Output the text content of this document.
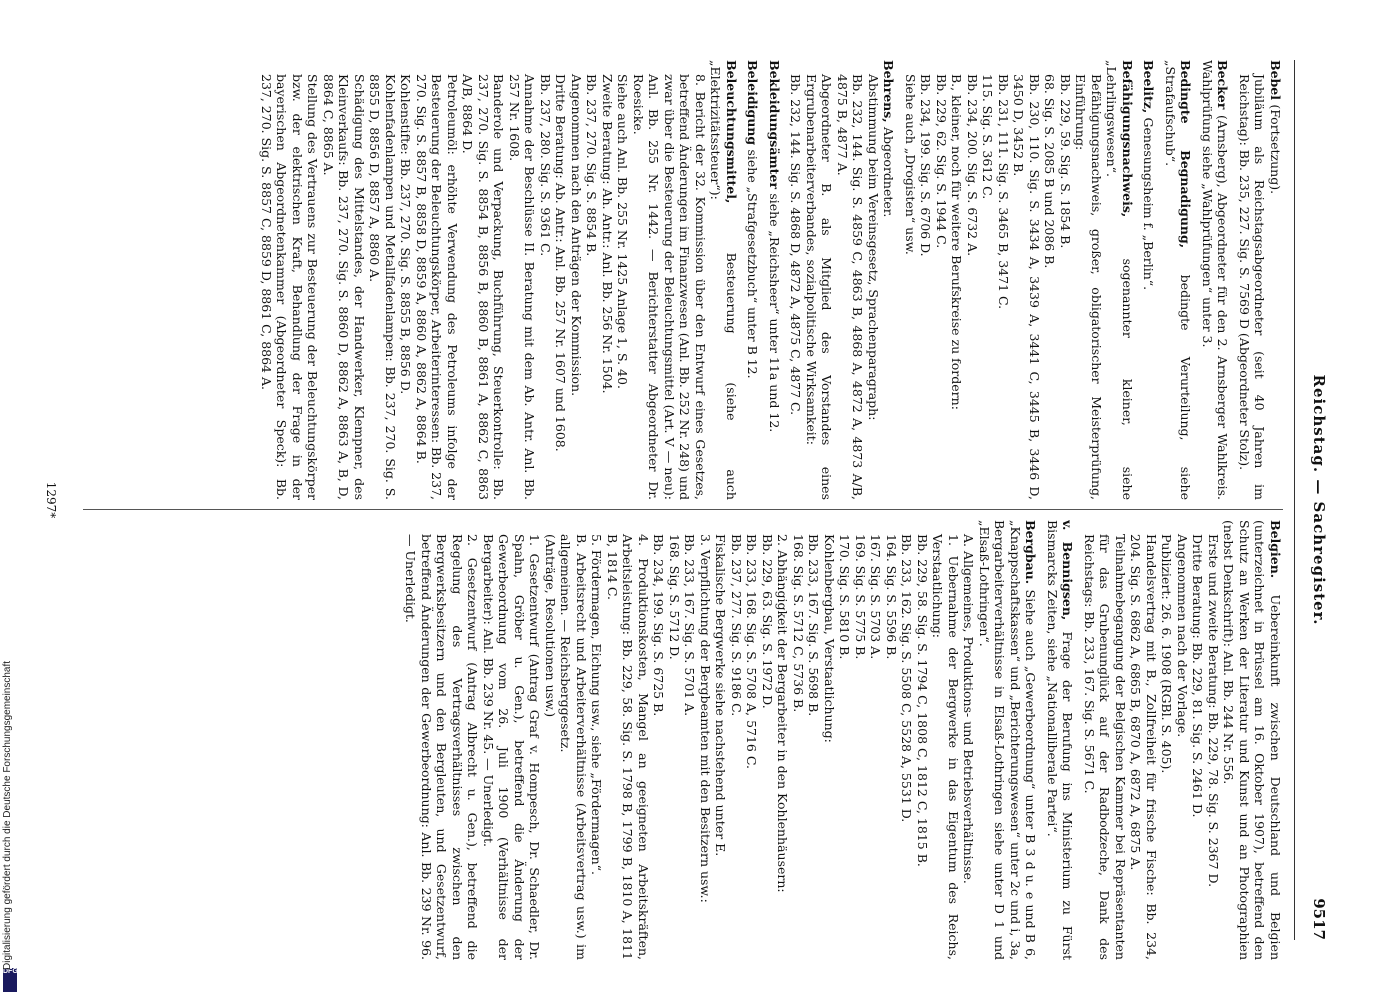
Reichstag. — Sachregister.
9517
Bebel (Fortsetzung).
Jubiläum als Reichstagsabgeordneter (seit 40 Jahren im Reichstag): Bb. 235, 227. Sig. S. 7569 D (Abgeordneter Stolz).
Becker (Arnsberg), Abgeordneter für den 2. Arnsberger Wahlkreis. Wahlprüfung siehe „Wahlprüfungen“ unter 3.
Bedingte Begnadigung, bedingte Verurteilung, siehe „Strafaufschub“.
Beelitz, Genesungsheim f. „Berlin“.
Befähigungsnachweis, sogenannter kleiner, siehe „Lehrlingswesen“.
Befähigungsnachweis, großer, obligatorischer Meisterprüfung, Einführung:
Bb. 229, 59. Sig. S. 1854 B.
68. Sig. S. 2085 B und 2086 B.
Bb. 230, 110. Sig. S. 3434 A, 3439 A, 3441 C, 3445 B, 3446 D, 3450 D, 3452 B.
Bb. 231, 111. Sig. S. 3465 B, 3471 C.
115. Sig. S. 3612 C.
Bb. 234, 200. Sig. S. 6732 A.
B., kleiner, noch für weitere Berufskreise zu fordern:
Bb. 229, 62. Sig. S. 1944 C.
Bb. 234, 199. Sig. S. 6706 D.
Siehe auch „Drogisten“ usw.
Behrens, Abgeordneter.
Abstimmung beim Vereinsgesetz, Sprachenparagraph:
Bb. 232, 144. Sig. S. 4859 C, 4863 B, 4868 A, 4872 A, 4873 A/B, 4875 B, 4877 A.
Abgeordneter B. als Mitglied des Vorstandes eines Ergrubenarbeiterverbandes, sozialpolitische Wirksamkeit:
Bb. 232, 144. Sig. S. 4868 D, 4872 A, 4875 C, 4877 C.
Bekleidungsämter siehe „Reichsheer“ unter 11a und 12.
Beleidigung siehe „Strafgesetzbuch“ unter B 12.
Beleuchtungsmittel, Besteuerung (siehe auch „Elektrizitätssteuer“):
8. Bericht der 32. Kommission über den Entwurf eines Gesetzes, betreffend Änderungen im Finanzwesen (Anl. Bb. 252 Nr. 248) und zwar über die Besteuerung der Beleuchtungsmittel (Art. V — neu): Anl. Bb. 255 Nr. 1442. — Berichterstatter Abgeordneter Dr. Roesicke.
Siehe auch Anl. Bb. 255 Nr. 1425 Anlage 1, S. 40.
Zweite Beratung: Ah. Antr.: Anl. Bb. 256 Nr. 1504.
Bb. 237, 270. Sig. S. 8854 B.
Angenommen nach den Anträgen der Kommission.
Dritte Beratung: Ab. Antr.: Anl. Bb. 257 Nr. 1607 und 1608.
Bb. 237, 280. Sig. S. 9361 C.
Annahme der Beschlüsse II. Beratung mit dem Ab. Antr. Anl. Bb. 257 Nr. 1608.
Banderole und Verpackung, Buchführung, Steuerkontrolle: Bb. 237, 270. Sig. S. 8854 B, 8856 B, 8860 B, 8861 A, 8862 C, 8863 A/B, 8864 D.
Petroleumöl: erhöhte Verwendung des Petroleums infolge der Besteuerung der Beleuchtungskörper, Arbeiterinteressen: Bb. 237, 270. Sig. S. 8857 B, 8858 D, 8859 A, 8860 A, 8862 A, 8864 B.
Kohlenstifte: Bb. 237, 270. Sig. S. 8855 B, 8856 D.
Kohlenfadenlampen und Metallfadenlampen: Bb. 237, 270. Sig. S. 8855 D, 8856 D, 8857 A, 8860 A.
Schädigung des Mittelstandes, der Handwerker, Klempner, des Kleinverkaufs: Bb. 237, 270. Sig. S. 8860 D, 8862 A, 8863 A, B, D, 8864 C, 8865 A.
Stellung des Vertrauens zur Besteuerung der Beleuchtungskörper bzw. der elektrischen Kraft, Behandlung der Frage in der bayerischen Abgeordnetenkammer (Abgeordneter Speck): Bb. 237, 270. Sig. S. 8857 C, 8859 D, 8861 C, 8864 A.
Belgien. Uebereinkunft zwischen Deutschland und Belgien (unterzeichnet in Brüssel am 16. Oktober 1907), betreffend den Schutz an Werken der Literatur und Kunst und an Photographien (nebst Denkschrift): Anl. Bb. 244 Nr. 556.
Erste und zweite Beratung: Bb. 229, 78. Sig. S. 2367 D.
Dritte Beratung: Bb. 229, 81. Sig. S. 2461 D.
Angenommen nach der Vorlage.
Publiziert: 26. 6. 1908 (RGBl. S. 405).
Handelsvertrag mit B., Zollfreiheit für frische Fische: Bb. 234, 204. Sig. S. 6862 A, 6865 B, 6870 A, 6872 A, 6875 A.
Teilnahmebegangung der Belgischen Kammer bei Repräsentanten für das Grubenunglück auf der Radbodzeche, Dank des Reichstags: Bb. 233, 167. Sig. S. 5671 C.
v. Bennigsen, Frage der Berufung ins Ministerium zu Fürst Bismarcks Zeiten, siehe „Nationalliberale Partei“.
Bergbau. Siehe auch „Gewerbeordnung“ unter B 3 d u. e und B 6, „Knappschaftskassen“ und „Berichterungswesen“ unter 2c und i, 3a, Bergarbeiterverhältnisse in Elsaß-Lothringen siehe unter D 1 und „Elsaß-Lothringen“.
A. Allgemeines, Produktions- und Betriebsverhältnisse.
1. Uebernahme der Bergwerke in das Eigentum des Reichs, Verstaatlichung:
Bb. 229, 58. Sig. S. 1794 C, 1808 C, 1812 C, 1815 B.
Bb. 233, 162. Sig. S. 5508 C, 5528 A, 5531 D.
164. Sig. S. 5596 B.
167. Sig. S. 5703 A.
169. Sig. S. 5775 B.
170. Sig. S. 5810 B.
Kohlenbergbau, Verstaatlichung:
Bb. 233, 167. Sig. S. 5698 B.
168. Sig. S. 5712 C, 5736 B.
2. Abhängigkeit der Bergarbeiter in den Kohlenhäusern:
Bb. 229, 63. Sig. S. 1972 D.
Bb. 233, 168. Sig. S. 5708 A, 5716 C.
Bb. 237, 277. Sig. S. 9186 C.
Fiskalische Bergwerke siehe nachstehend unter E.
3. Verpflichtung der Bergbeamten mit den Besitzern usw.:
Bb. 233, 167. Sig. S. 5701 A.
168. Sig. S. 5712 D.
Bb. 234, 199. Sig. S. 6725 B.
4. Produktionskosten, Mangel an geeigneten Arbeitskräften, Arbeitsleistung: Bb. 229, 58. Sig. S. 1798 B, 1799 B, 1810 A, 1811 B, 1814 C.
5. Fördermagen, Eichung usw., siehe „Fördermagen“.
B. Arbeitsrecht und Arbeiterverhältnisse (Arbeitsvertrag usw.) im allgemeinen. — Reichsberggesetz.
(Anträge, Resolutionen usw.)
1. Gesetzentwurf (Antrag Graf v. Hompesch, Dr. Schaedler, Dr. Spahn, Gröber u. Gen.), betreffend die Änderung der Gewerbeordnung vom 26. Juli 1900 (Verhältnisse der Bergarbeiter): Anl. Bb. 239 Nr. 45. — Unerledigt.
2. Gesetzentwurf (Antrag Albrecht u. Gen.), betreffend die Regelung des Vertragsverhältnisses zwischen den Bergwerksbesitzern und den Bergleuten, und Gesetzentwurf, betreffend Änderungen der Gewerbeordnung: Anl. Bb. 239 Nr. 96. — Unerledigt.
1297*
DFG
Digitalisierung gefördert durch die Deutsche Forschungsgemeinschaft
